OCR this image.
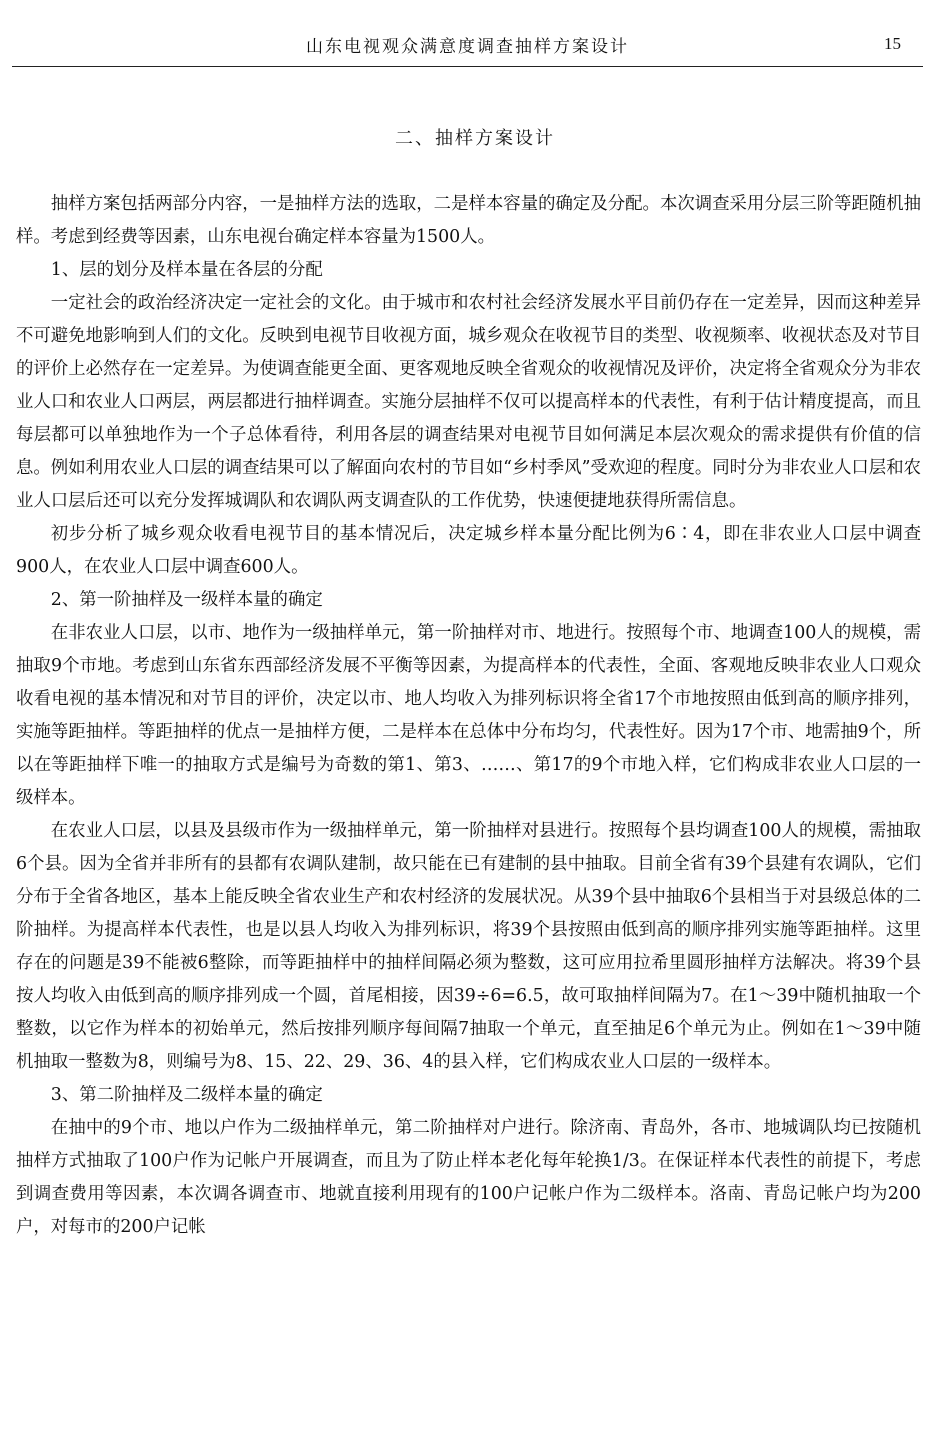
山东电视观众满意度调查抽样方案设计	15
二、抽样方案设计

抽样方案包括两部分内容，一是抽样方法的选取，二是样本容量的确定及分配。本次调查采用分层三阶等距随机抽样。考虑到经费等因素，山东电视台确定样本容量为1500人。

1、层的划分及样本量在各层的分配

一定社会的政治经济决定一定社会的文化。由于城市和农村社会经济发展水平目前仍存在一定差异，因而这种差异不可避免地影响到人们的文化。反映到电视节目收视方面，城乡观众在收视节目的类型、收视频率、收视状态及对节目的评价上必然存在一定差异。为使调查能更全面、更客观地反映全省观众的收视情况及评价，决定将全省观众分为非农业人口和农业人口两层，两层都进行抽样调查。实施分层抽样不仅可以提高样本的代表性，有利于估计精度提高，而且每层都可以单独地作为一个子总体看待，利用各层的调查结果对电视节目如何满足本层次观众的需求提供有价值的信息。例如利用农业人口层的调查结果可以了解面向农村的节目如“乡村季风”受欢迎的程度。同时分为非农业人口层和农业人口层后还可以充分发挥城调队和农调队两支调查队的工作优势，快速便捷地获得所需信息。

初步分析了城乡观众收看电视节目的基本情况后，决定城乡样本量分配比例为6∶4，即在非农业人口层中调查900人，在农业人口层中调查600人。

2、第一阶抽样及一级样本量的确定

在非农业人口层，以市、地作为一级抽样单元，第一阶抽样对市、地进行。按照每个市、地调查100人的规模，需抽取9个市地。考虑到山东省东西部经济发展不平衡等因素，为提高样本的代表性，全面、客观地反映非农业人口观众收看电视的基本情况和对节目的评价，决定以市、地人均收入为排列标识将全省17个市地按照由低到高的顺序排列，实施等距抽样。等距抽样的优点一是抽样方便，二是样本在总体中分布均匀，代表性好。因为17个市、地需抽9个，所以在等距抽样下唯一的抽取方式是编号为奇数的第1、第3、……、第17的9个市地入样，它们构成非农业人口层的一级样本。

在农业人口层，以县及县级市作为一级抽样单元，第一阶抽样对县进行。按照每个县均调查100人的规模，需抽取6个县。因为全省并非所有的县都有农调队建制，故只能在已有建制的县中抽取。目前全省有39个县建有农调队，它们分布于全省各地区，基本上能反映全省农业生产和农村经济的发展状况。从39个县中抽取6个县相当于对县级总体的二阶抽样。为提高样本代表性，也是以县人均收入为排列标识，将39个县按照由低到高的顺序排列实施等距抽样。这里存在的问题是39不能被6整除，而等距抽样中的抽样间隔必须为整数，这可应用拉希里圆形抽样方法解决。将39个县按人均收入由低到高的顺序排列成一个圆，首尾相接，因39÷6=6.5，故可取抽样间隔为7。在1～39中随机抽取一个整数，以它作为样本的初始单元，然后按排列顺序每间隔7抽取一个单元，直至抽足6个单元为止。例如在1～39中随机抽取一整数为8，则编号为8、15、22、29、36、4的县入样，它们构成农业人口层的一级样本。

3、第二阶抽样及二级样本量的确定

在抽中的9个市、地以户作为二级抽样单元，第二阶抽样对户进行。除济南、青岛外，各市、地城调队均已按随机抽样方式抽取了100户作为记帐户开展调查，而且为了防止样本老化每年轮换1/3。在保证样本代表性的前提下，考虑到调查费用等因素，本次调各调查市、地就直接利用现有的100户记帐户作为二级样本。洛南、青岛记帐户均为200户，对每市的200户记帐
